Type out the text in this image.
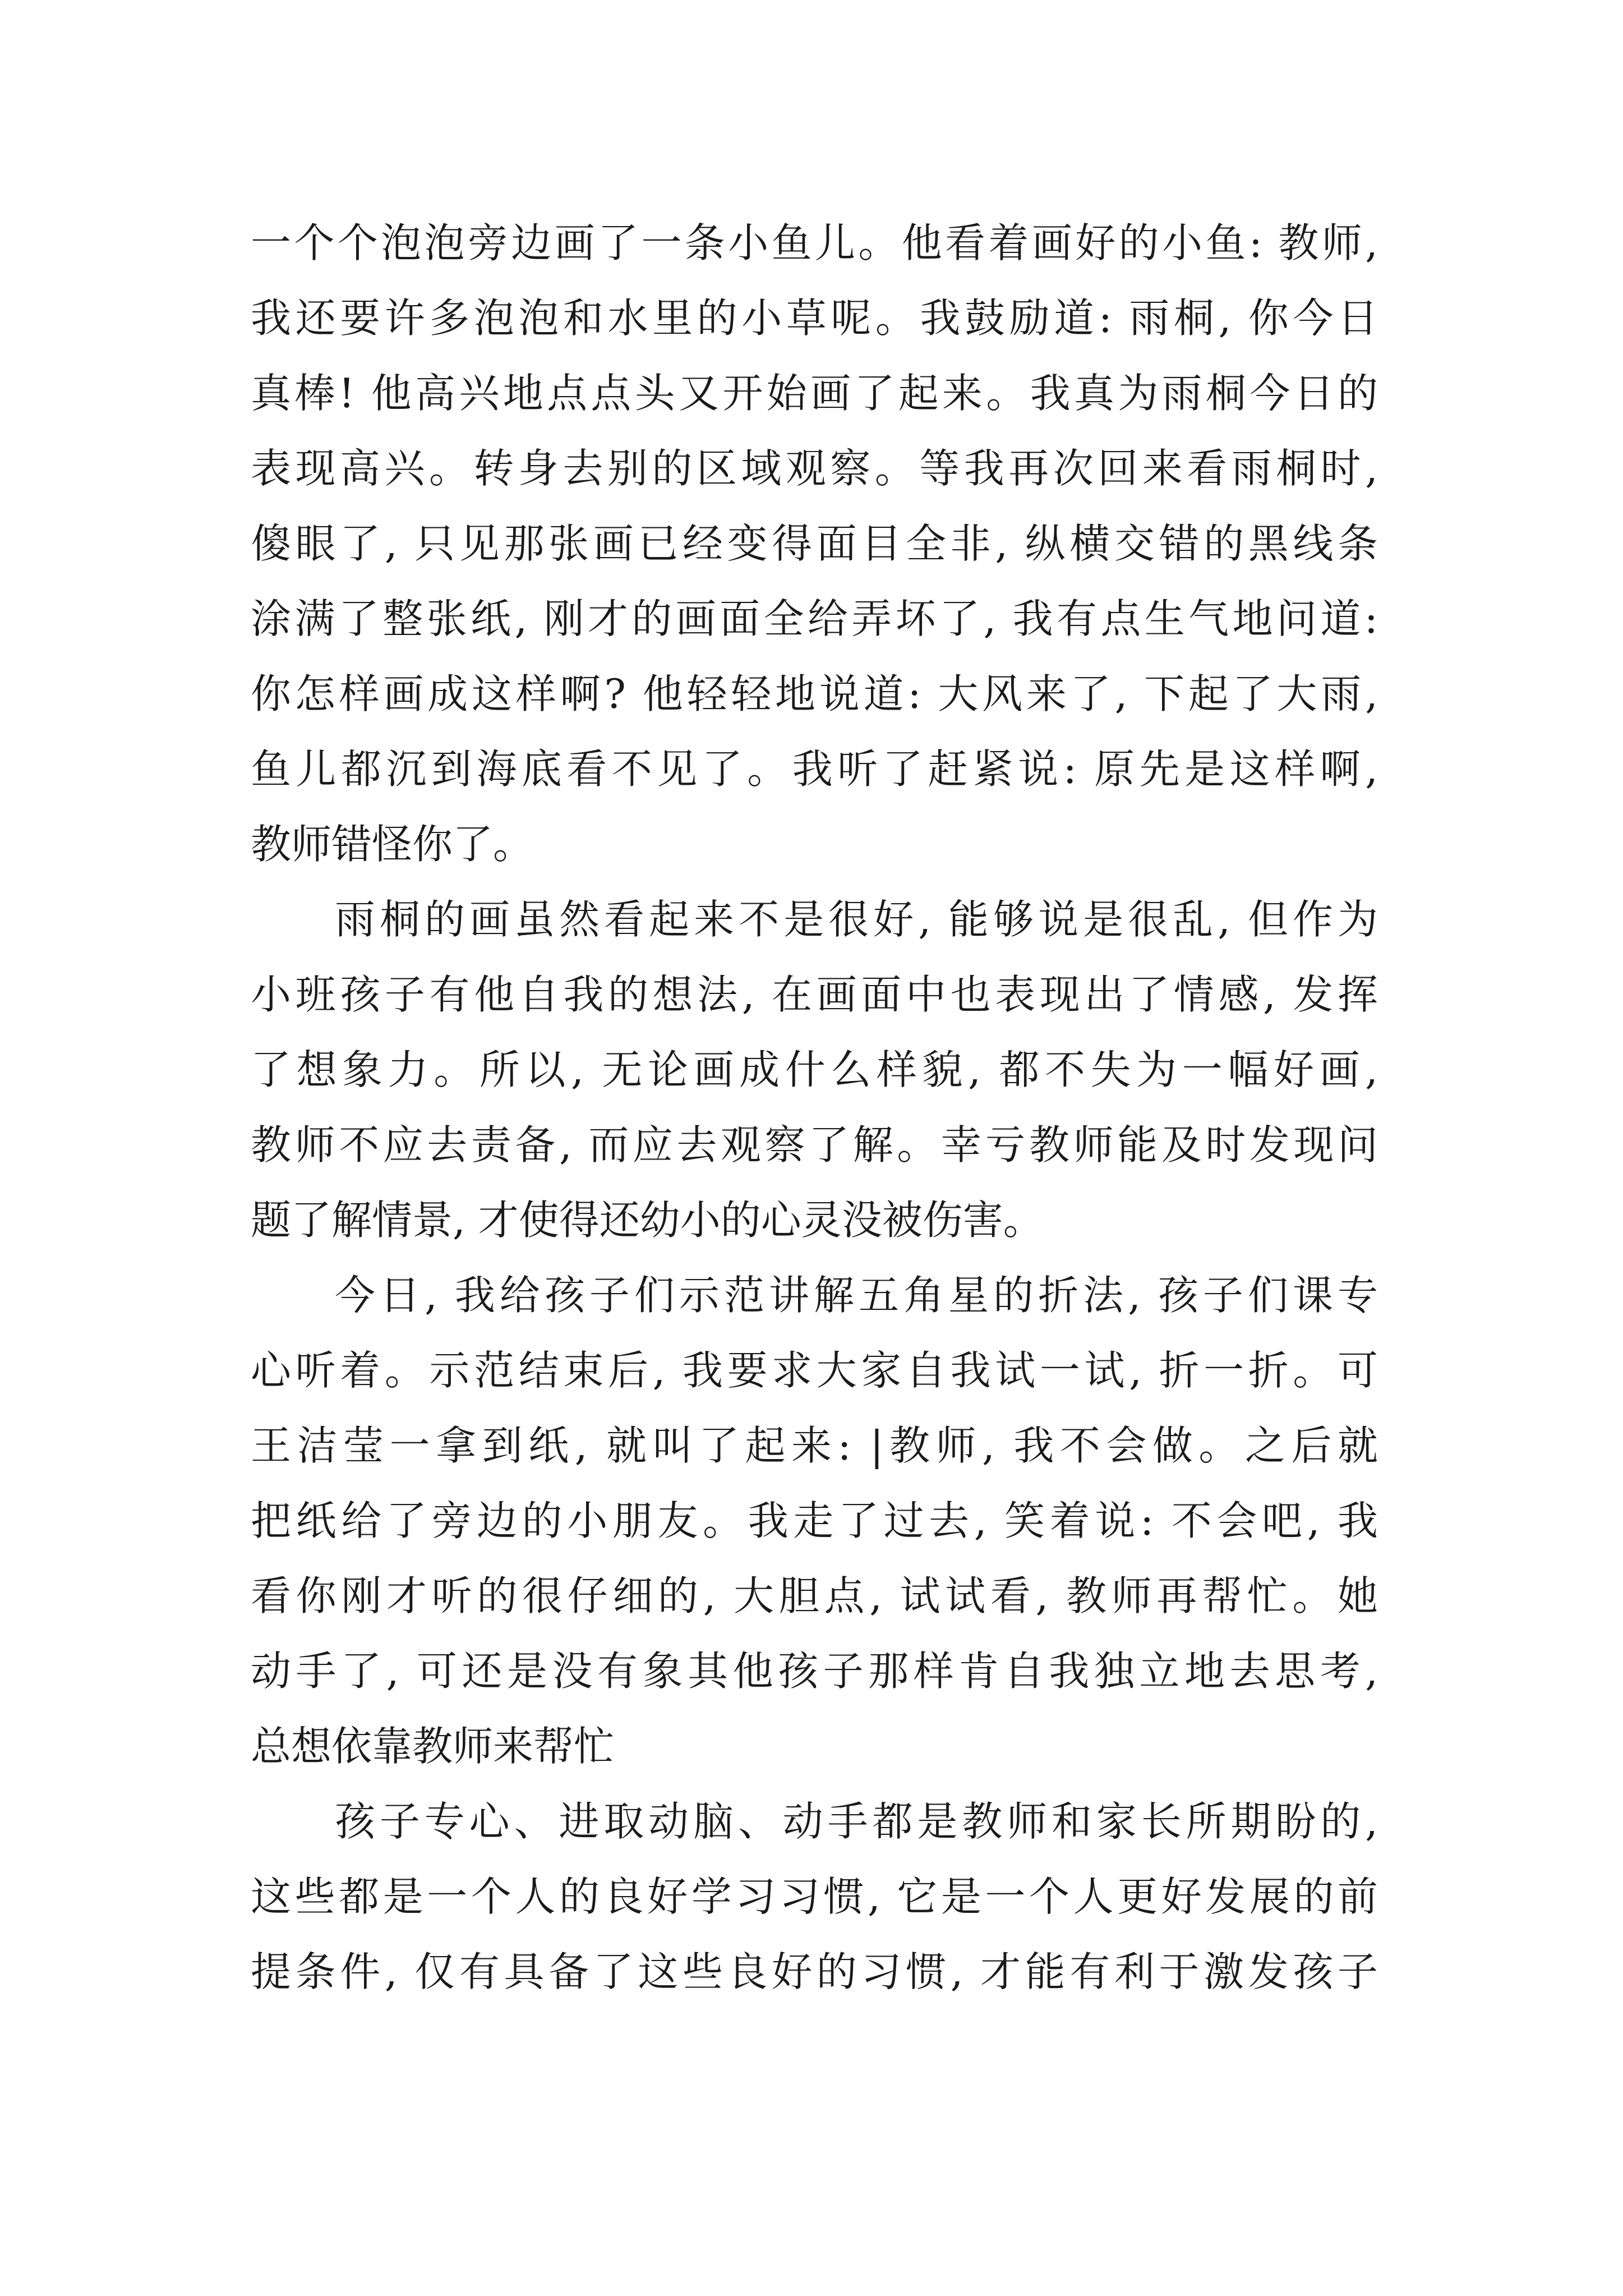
一个个泡泡旁边画了一条小鱼儿。他看着画好的小鱼: 教师,
我还要许多泡泡和水里的小草呢。我鼓励道: 雨桐, 你今日
真棒! 他高兴地点点头又开始画了起来。我真为雨桐今日的
表现高兴。转身去别的区域观察。等我再次回来看雨桐时,
傻眼了, 只见那张画已经变得面目全非, 纵横交错的黑线条
涂满了整张纸, 刚才的画面全给弄坏了, 我有点生气地问道:
你怎样画成这样啊? 他轻轻地说道: 大风来了, 下起了大雨,
鱼儿都沉到海底看不见了。我听了赶紧说: 原先是这样啊,
教师错怪你了。
雨桐的画虽然看起来不是很好, 能够说是很乱, 但作为
小班孩子有他自我的想法, 在画面中也表现出了情感, 发挥
了想象力。所以, 无论画成什么样貌, 都不失为一幅好画,
教师不应去责备, 而应去观察了解。幸亏教师能及时发现问
题了解情景, 才使得还幼小的心灵没被伤害。
今日, 我给孩子们示范讲解五角星的折法, 孩子们课专
心听着。示范结束后, 我要求大家自我试一试, 折一折。可
王洁莹一拿到纸, 就叫了起来: |教师, 我不会做。之后就
把纸给了旁边的小朋友。我走了过去, 笑着说: 不会吧, 我
看你刚才听的很仔细的, 大胆点, 试试看, 教师再帮忙。她
动手了, 可还是没有象其他孩子那样肯自我独立地去思考,
总想依靠教师来帮忙
孩子专心、进取动脑、动手都是教师和家长所期盼的,
这些都是一个人的良好学习习惯, 它是一个人更好发展的前
提条件, 仅有具备了这些良好的习惯, 才能有利于激发孩子
